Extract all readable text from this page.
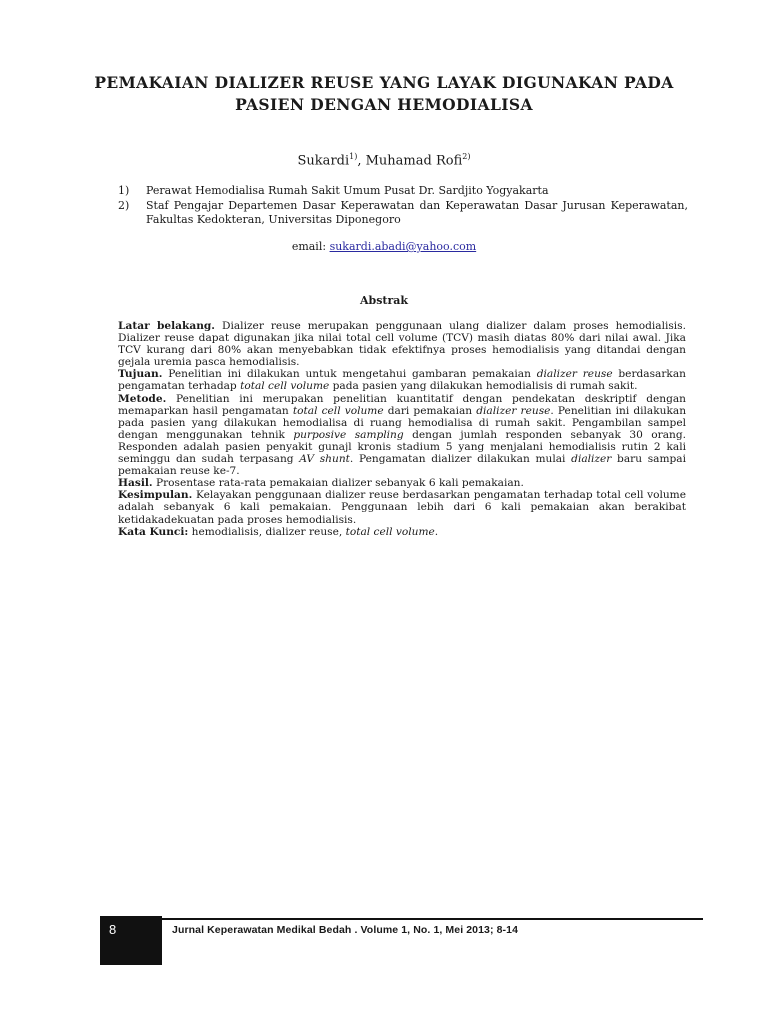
PEMAKAIAN DIALIZER REUSE YANG LAYAK DIGUNAKAN PADA
PASIEN DENGAN HEMODIALISA
Sukardi$^{1)}$, Muhamad Rofi$^{2)}$
1)	Perawat Hemodialisa Rumah Sakit Umum Pusat Dr. Sardjito Yogyakarta
2)	Staf Pengajar Departemen Dasar Keperawatan dan Keperawatan Dasar Jurusan Keperawatan, Fakultas Kedokteran, Universitas Diponegoro
email: sukardi.abadi@yahoo.com
Abstrak

Latar belakang. Dializer reuse merupakan penggunaan ulang dializer dalam proses hemodialisis. Dializer reuse dapat digunakan jika nilai total cell volume (TCV) masih diatas 80% dari nilai awal. Jika TCV kurang dari 80% akan menyebabkan tidak efektifnya proses hemodialisis yang ditandai dengan gejala uremia pasca hemodialisis.

Tujuan. Penelitian ini dilakukan untuk mengetahui gambaran pemakaian dializer reuse berdasarkan pengamatan terhadap total cell volume pada pasien yang dilakukan hemodialisis di rumah sakit.

Metode. Penelitian ini merupakan penelitian kuantitatif dengan pendekatan deskriptif dengan memaparkan hasil pengamatan total cell volume dari pemakaian dializer reuse. Penelitian ini dilakukan pada pasien yang dilakukan hemodialisa di ruang hemodialisa di rumah sakit. Pengambilan sampel dengan menggunakan tehnik purposive sampling dengan jumlah responden sebanyak 30 orang. Responden adalah pasien penyakit gunajl kronis stadium 5 yang menjalani hemodialisis rutin 2 kali seminggu dan sudah terpasang AV shunt. Pengamatan dializer dilakukan mulai dializer baru sampai pemakaian reuse ke-7.

Hasil. Prosentase rata-rata pemakaian dializer sebanyak 6 kali pemakaian.

Kesimpulan. Kelayakan penggunaan dializer reuse berdasarkan pengamatan terhadap total cell volume adalah sebanyak 6 kali pemakaian. Penggunaan lebih dari 6 kali pemakaian akan berakibat ketidakadekuatan pada proses hemodialisis.

Kata Kunci: hemodialisis, dializer reuse, total cell volume.

8	Jurnal Keperawatan Medikal Bedah . Volume 1, No. 1, Mei 2013; 8-14
